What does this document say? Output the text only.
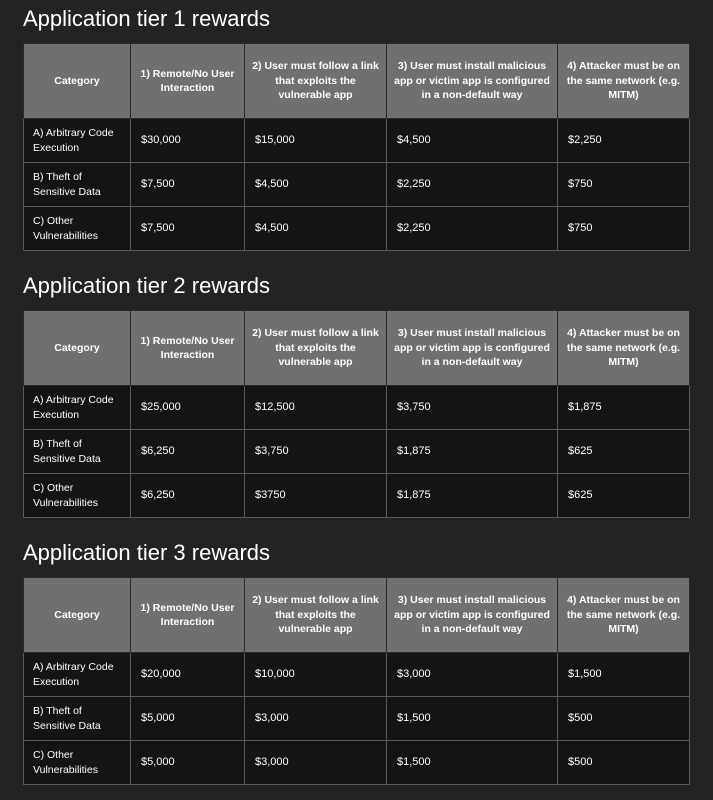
Application tier 1 rewards
Category	1) Remote/No User Interaction	2) User must follow a link that exploits the vulnerable app	3) User must install malicious app or victim app is configured in a non-default way	4) Attacker must be on the same network (e.g. MITM)
A) Arbitrary Code Execution	$30,000	$15,000	$4,500	$2,250
B) Theft of Sensitive Data	$7,500	$4,500	$2,250	$750
C) Other Vulnerabilities	$7,500	$4,500	$2,250	$750
Application tier 2 rewards
Category	1) Remote/No User Interaction	2) User must follow a link that exploits the vulnerable app	3) User must install malicious app or victim app is configured in a non-default way	4) Attacker must be on the same network (e.g. MITM)
A) Arbitrary Code Execution	$25,000	$12,500	$3,750	$1,875
B) Theft of Sensitive Data	$6,250	$3,750	$1,875	$625
C) Other Vulnerabilities	$6,250	$3750	$1,875	$625
Application tier 3 rewards
Category	1) Remote/No User Interaction	2) User must follow a link that exploits the vulnerable app	3) User must install malicious app or victim app is configured in a non-default way	4) Attacker must be on the same network (e.g. MITM)
A) Arbitrary Code Execution	$20,000	$10,000	$3,000	$1,500
B) Theft of Sensitive Data	$5,000	$3,000	$1,500	$500
C) Other Vulnerabilities	$5,000	$3,000	$1,500	$500
